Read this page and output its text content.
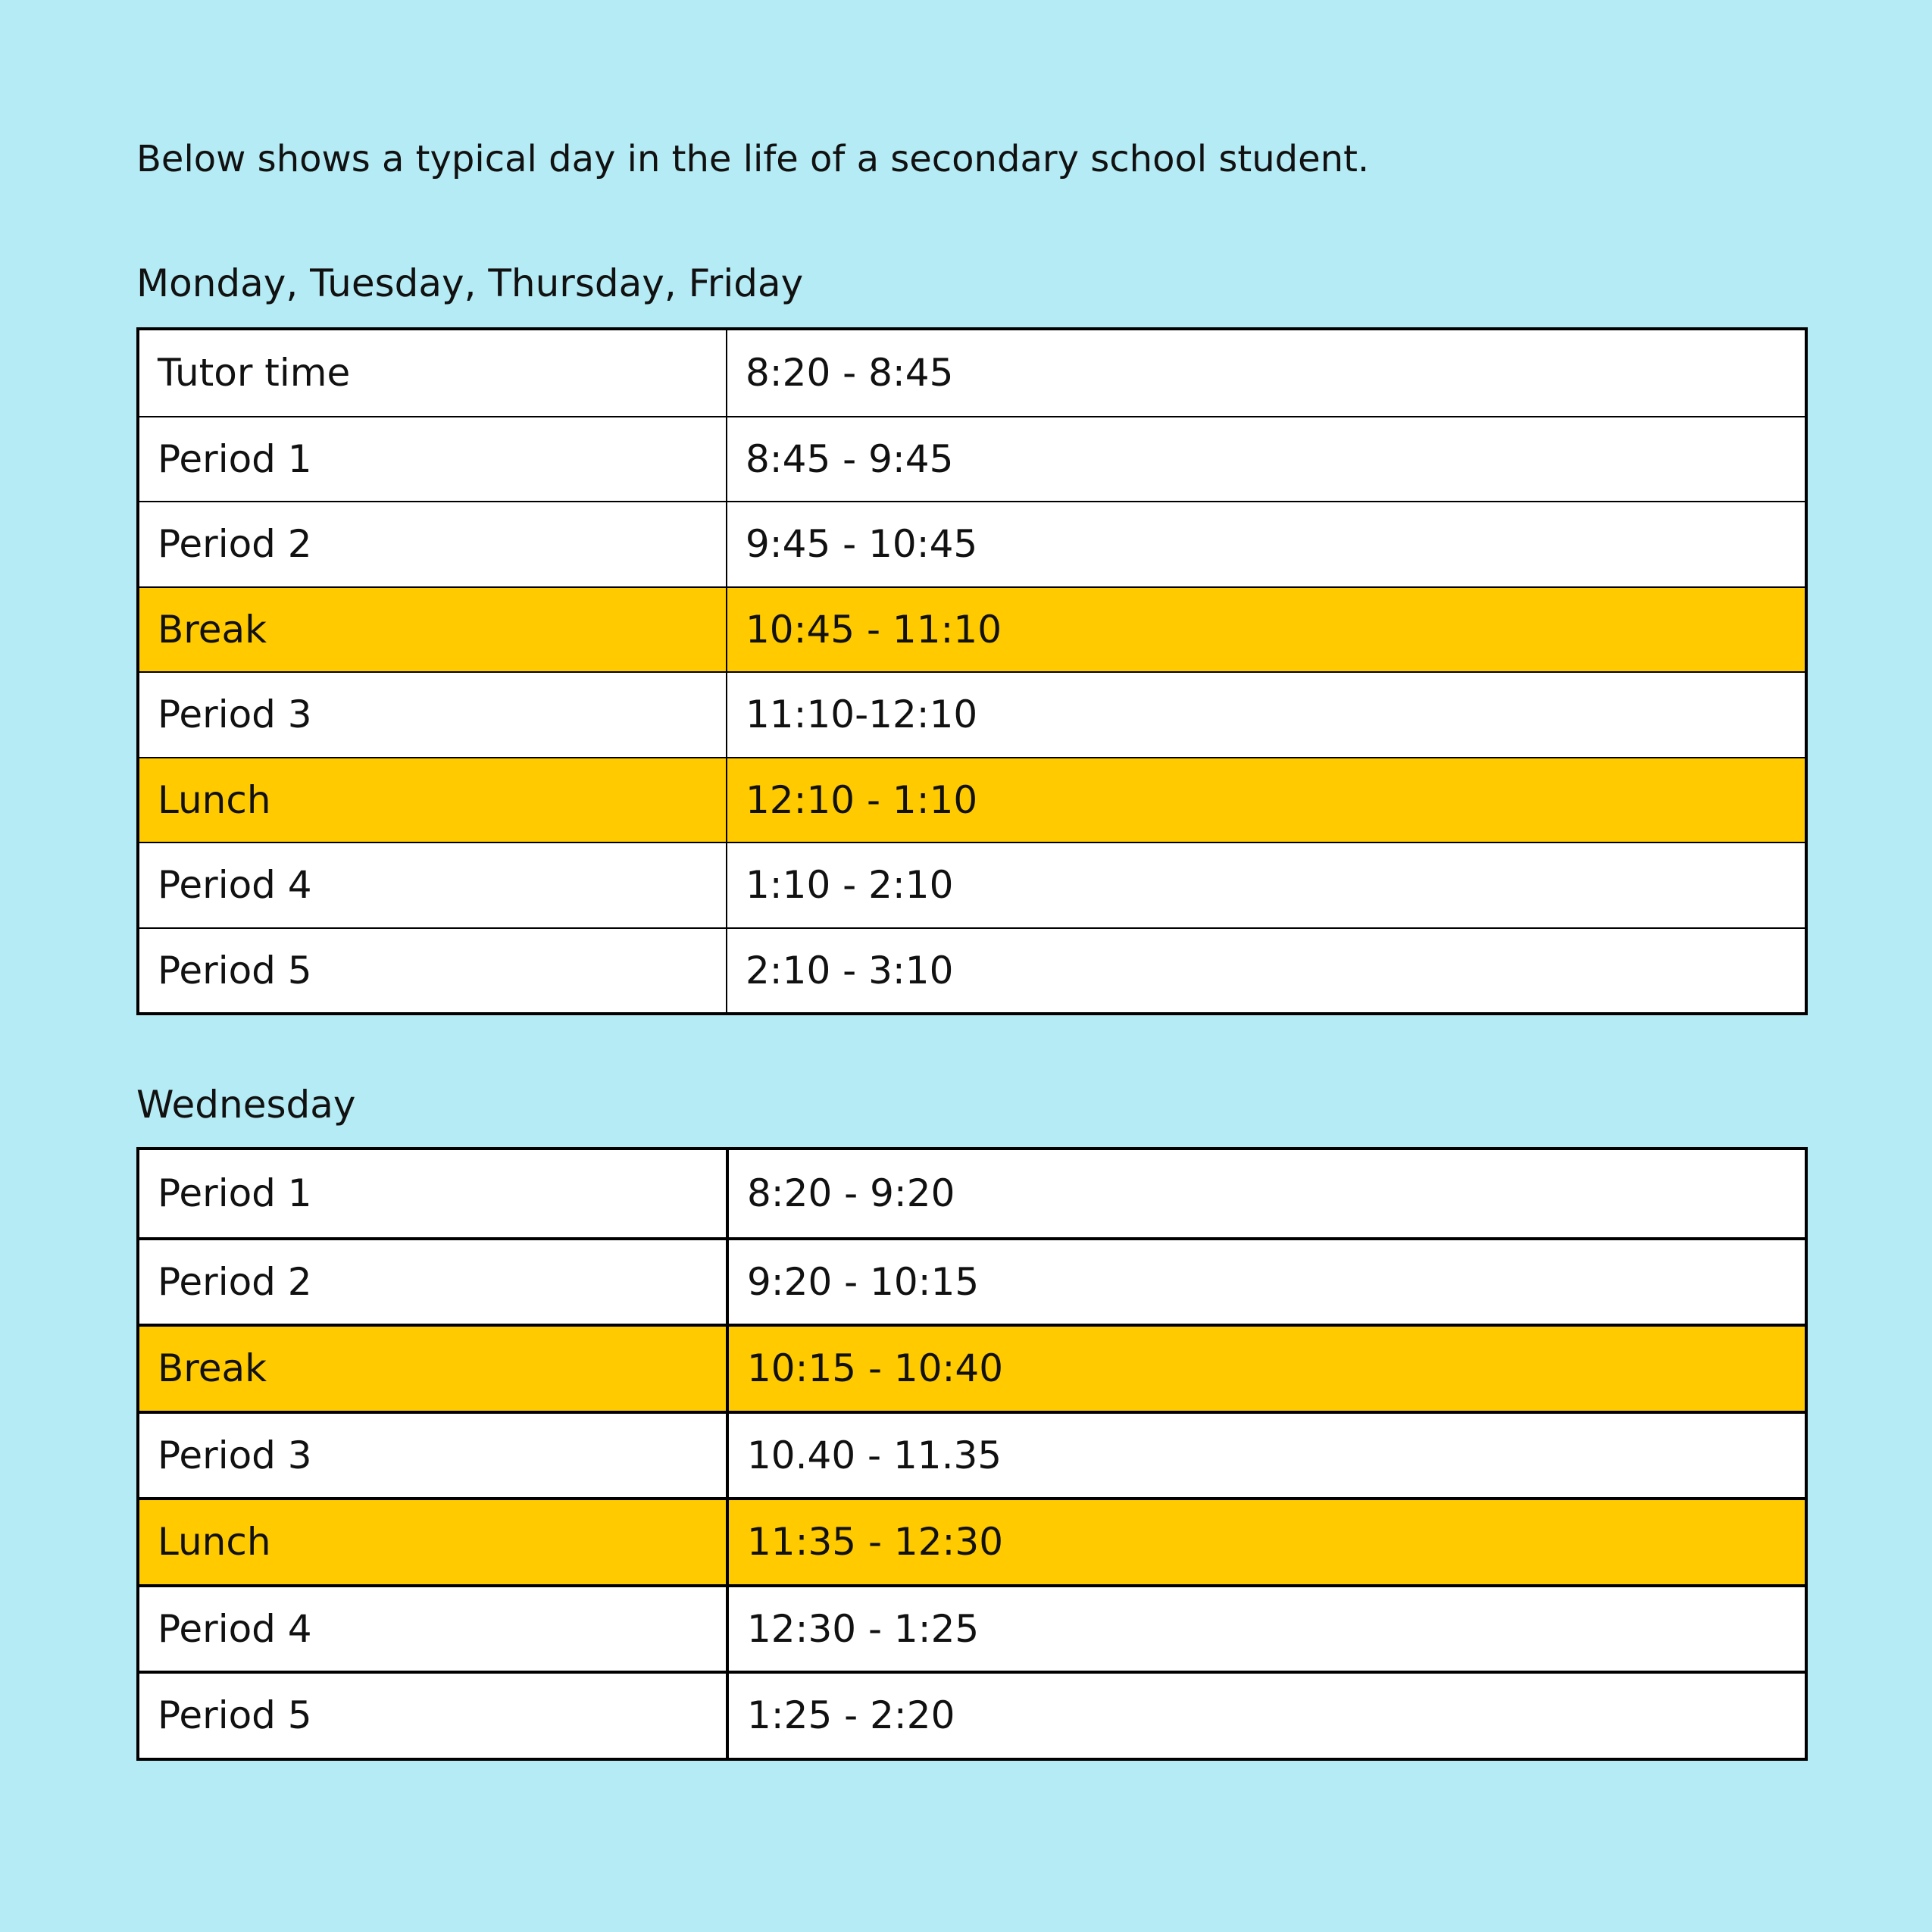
Below shows a typical day in the life of a secondary school student.
Monday, Tuesday, Thursday, Friday
Tutor time	8:20 - 8:45
Period 1	8:45 - 9:45
Period 2	9:45 - 10:45
Break	10:45 - 11:10
Period 3	11:10-12:10
Lunch	12:10 - 1:10
Period 4	1:10 - 2:10
Period 5	2:10 - 3:10
Wednesday
Period 1	8:20 - 9:20
Period 2	9:20 - 10:15
Break	10:15 - 10:40
Period 3	10.40 - 11.35
Lunch	11:35 - 12:30
Period 4	12:30 - 1:25
Period 5	1:25 - 2:20
